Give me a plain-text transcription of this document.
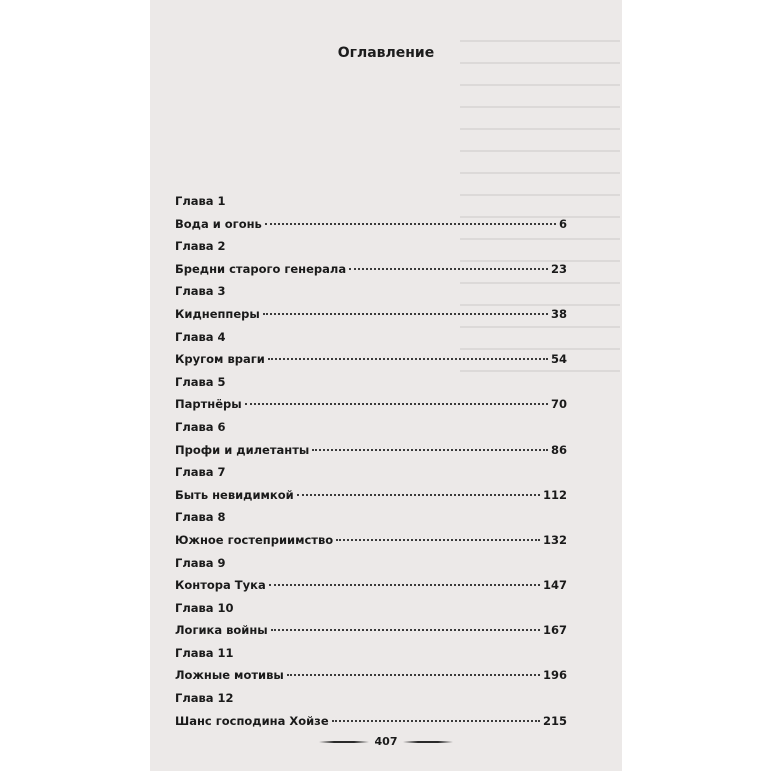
Оглавление
Глава 1
Вода и огонь	6
Глава 2
Бредни старого генерала	23
Глава 3
Киднепперы	38
Глава 4
Кругом враги	54
Глава 5
Партнёры	70
Глава 6
Профи и дилетанты	86
Глава 7
Быть невидимкой	112
Глава 8
Южное гостеприимство	132
Глава 9
Контора Тука	147
Глава 10
Логика войны	167
Глава 11
Ложные мотивы	196
Глава 12
Шанс господина Хойзе	215
407
